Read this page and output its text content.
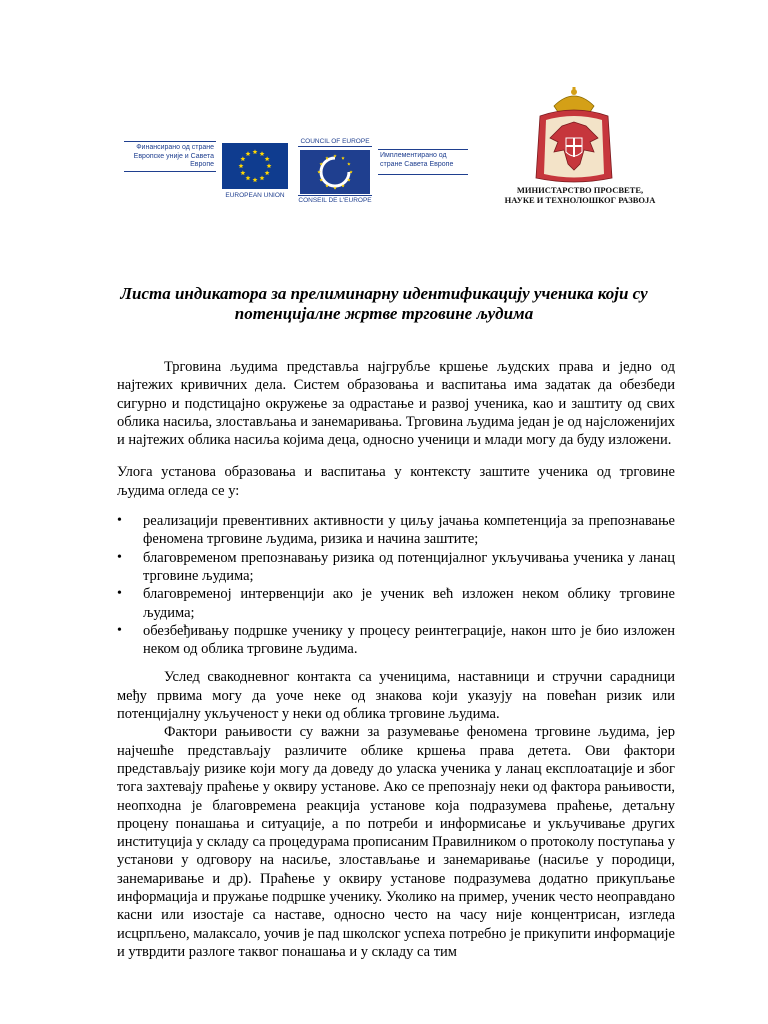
Финансирано од стране Европске уније и Савета Европе
EUROPEAN UNION
COUNCIL OF EUROPE
CONSEIL DE L'EUROPE
Имплементирано од стране Савета Европе
МИНИСТАРСТВО ПРОСВЕТЕ,
НАУКЕ И ТЕХНОЛОШКОГ РАЗВОЈА
Листа индикатора за прелиминарну идентификацију ученика који су потенцијалне жртве трговине људима

Трговина људима представља најгрубље кршење људских права и једно од најтежих кривичних дела. Систем образовања и васпитања има задатак да обезбеди сигурно и подстицајно окружење за одрастање и развој ученика, као и заштиту од свих облика насиља, злостављања и занемаривања. Трговина људима један је од најсложенијих и најтежих облика насиља којима деца, односно ученици и млади могу да буду изложени.

Улога установа образовања и васпитања у контексту заштите ученика од трговине људима огледа се у:

• реализацији превентивних активности у циљу јачања компетенција за препознавање феномена трговине људима, ризика и начина заштите;
• благовременом препознавању ризика од потенцијалног укључивања ученика у ланац трговине људима;
• благовременој интервенцији ако је ученик већ изложен неком облику трговине људима;
• обезбеђивању подршке ученику у процесу реинтеграције, након што је био изложен неком од облика трговине људима.

Услед свакодневног контакта са ученицима, наставници и стручни сарадници међу првима могу да уоче неке од знакова који указују на повећан ризик или потенцијалну укљученост у неки од облика трговине људима.

Фактори рањивости су важни за разумевање феномена трговине људима, јер најчешће представљају различите облике кршења права детета. Ови фактори представљају ризике који могу да доведу до уласка ученика у ланац експлоатације и због тога захтевају праћење у оквиру установе. Ако се препознају неки од фактора рањивости, неопходна је благовремена реакција установе која подразумева праћење, детаљну процену понашања и ситуације, а по потреби и информисање и укључивање других институција у складу са процедурама прописаним Правилником о протоколу поступања у установи у одговору на насиље, злостављање и занемаривање (насиље у породици, занемаривање и др). Праћење у оквиру установе подразумева додатно прикупљање информација и пружање подршке ученику. Уколико на пример, ученик често неоправдано касни или изостаје са наставе, односно често на часу није концентрисан, изгледа исцрпљено, малаксало, уочив је пад школског успеха потребно је прикупити информације и утврдити разлоге таквог понашања и у складу са тим
